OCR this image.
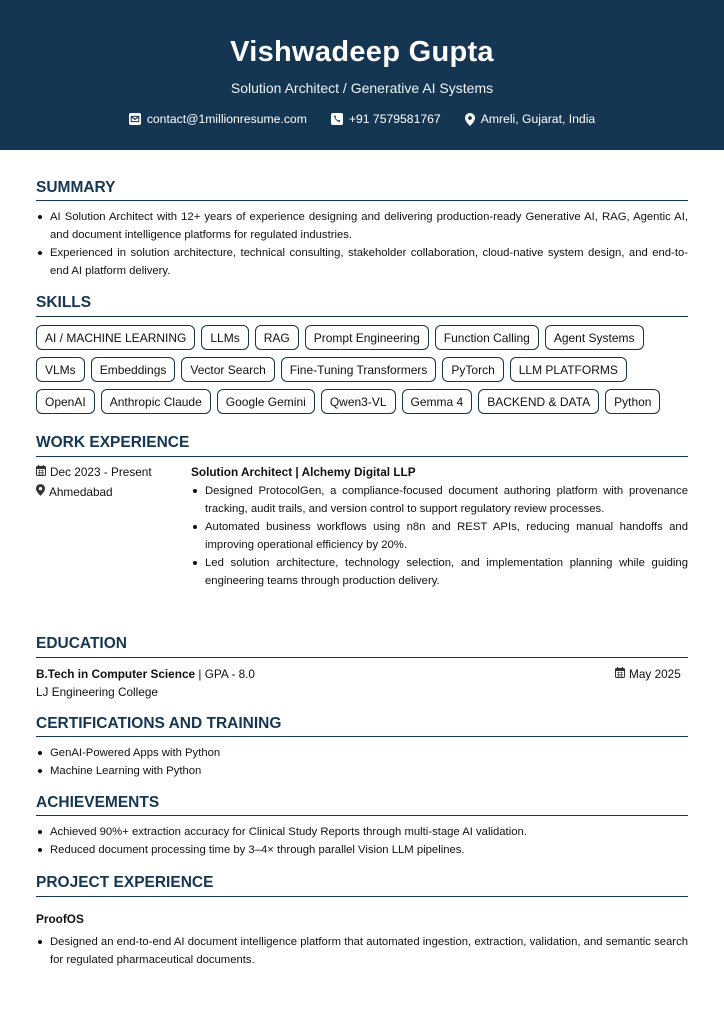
Vishwadeep Gupta
Solution Architect / Generative AI Systems
contact@1millionresume.com	+91 7579581767	Amreli, Gujarat, India
SUMMARY
AI Solution Architect with 12+ years of experience designing and delivering production-ready Generative AI, RAG, Agentic AI, and document intelligence platforms for regulated industries.
Experienced in solution architecture, technical consulting, stakeholder collaboration, cloud-native system design, and end-to-end AI platform delivery.
SKILLS
AI / MACHINE LEARNING	LLMs	RAG	Prompt Engineering	Function Calling	Agent Systems
VLMs	Embeddings	Vector Search	Fine-Tuning Transformers	PyTorch	LLM PLATFORMS
OpenAI	Anthropic Claude	Google Gemini	Qwen3-VL	Gemma 4	BACKEND & DATA	Python
WORK EXPERIENCE
Dec 2023 - Present
Ahmedabad
Solution Architect | Alchemy Digital LLP
Designed ProtocolGen, a compliance-focused document authoring platform with provenance tracking, audit trails, and version control to support regulatory review processes.
Automated business workflows using n8n and REST APIs, reducing manual handoffs and improving operational efficiency by 20%.
Led solution architecture, technology selection, and implementation planning while guiding engineering teams through production delivery.
EDUCATION
B.Tech in Computer Science | GPA - 8.0
LJ Engineering College
May 2025
CERTIFICATIONS AND TRAINING
GenAI-Powered Apps with Python
Machine Learning with Python
ACHIEVEMENTS
Achieved 90%+ extraction accuracy for Clinical Study Reports through multi-stage AI validation.
Reduced document processing time by 3–4× through parallel Vision LLM pipelines.
PROJECT EXPERIENCE
ProofOS
Designed an end-to-end AI document intelligence platform that automated ingestion, extraction, validation, and semantic search for regulated pharmaceutical documents.
